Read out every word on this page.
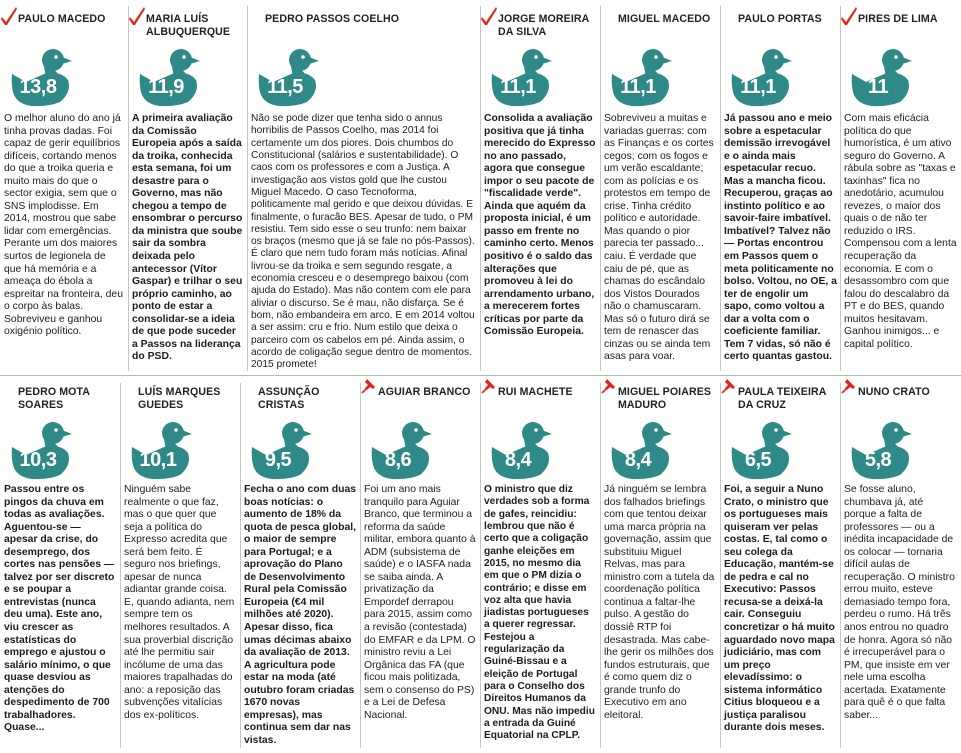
PAULO MACEDO
13,8
O melhor aluno do ano já tinha provas dadas. Foi capaz de gerir equilíbrios difíceis, cortando menos do que a troika queria e muito mais do que o sector exigia, sem que o SNS implodisse. Em 2014, mostrou que sabe lidar com emergências. Perante um dos maiores surtos de legionela de que há memória e a ameaça do ébola a espreitar na fronteira, deu o corpo às balas. Sobreviveu e ganhou oxigénio político.
MARIA LUÍS ALBUQUERQUE
11,9
A primeira avaliação da Comissão Europeia após a saída da troika, conhecida esta semana, foi um desastre para o Governo, mas não chegou a tempo de ensombrar o percurso da ministra que soube sair da sombra deixada pelo antecessor (Vítor Gaspar) e trilhar o seu próprio caminho, ao ponto de estar a consolidar-se a ideia de que pode suceder a Passos na liderança do PSD.
PEDRO PASSOS COELHO
11,5
Não se pode dizer que tenha sido o annus horribilis de Passos Coelho, mas 2014 foi certamente um dos piores. Dois chumbos do Constitucional (salários e sustentabilidade). O caos com os professores e com a Justiça. A investigação aos vistos gold que lhe custou Miguel Macedo. O caso Tecnoforma, politicamente mal gerido e que deixou dúvidas. E finalmente, o furacão BES. Apesar de tudo, o PM resistiu. Tem sido esse o seu trunfo: nem baixar os braços (mesmo que já se fale no pós-Passos). É claro que nem tudo foram más notícias. Afinal livrou-se da troika e sem segundo resgate, a economia cresceu e o desemprego baixou (com ajuda do Estado). Mas não contem com ele para aliviar o discurso. Se é mau, não disfarça. Se é bom, não embandeira em arco. E em 2014 voltou a ser assim: cru e frio. Num estilo que deixa o parceiro com os cabelos em pé. Ainda assim, o acordo de coligação segue dentro de momentos. 2015 promete!
JORGE MOREIRA DA SILVA
11,1
Consolida a avaliação positiva que já tinha merecido do Expresso no ano passado, agora que consegue impor o seu pacote de "fiscalidade verde". Ainda que aquém da proposta inicial, é um passo em frente no caminho certo. Menos positivo é o saldo das alterações que promoveu à lei do arrendamento urbano, a merecerem fortes críticas por parte da Comissão Europeia.
MIGUEL MACEDO
11,1
Sobreviveu a muitas e variadas guerras: com as Finanças e os cortes cegos; com os fogos e um verão escaldante; com as polícias e os protestos em tempo de crise. Tinha crédito político e autoridade. Mas quando o pior parecia ter passado... caiu. É verdade que caiu de pé, que as chamas do escândalo dos Vistos Dourados não o chamuscaram. Mas só o futuro dirá se tem de renascer das cinzas ou se ainda tem asas para voar.
PAULO PORTAS
11,1
Já passou ano e meio sobre a espetacular demissão irrevogável e o ainda mais espetacular recuo. Mas a mancha ficou. Recuperou, graças ao instinto político e ao savoir-faire imbatível. Imbatível? Talvez não — Portas encontrou em Passos quem o meta politicamente no bolso. Voltou, no OE, a ter de engolir um sapo, como voltou a dar a volta com o coeficiente familiar. Tem 7 vidas, só não é certo quantas gastou.
PIRES DE LIMA
11
Com mais eficácia política do que humorística, é um ativo seguro do Governo. A rábula sobre as "taxas e taxinhas" fica no anedotário, acumulou revezes, o maior dos quais o de não ter reduzido o IRS. Compensou com a lenta recuperação da economia. E com o desassombro com que falou do descalabro da PT e do BES, quando muitos hesitavam. Ganhou inimigos... e capital político.
PEDRO MOTA SOARES
10,3
Passou entre os pingos da chuva em todas as avaliações. Aguentou-se — apesar da crise, do desemprego, dos cortes nas pensões — talvez por ser discreto e se poupar a entrevistas (nunca deu uma). Este ano, viu crescer as estatísticas do emprego e ajustou o salário mínimo, o que quase desviou as atenções do despedimento de 700 trabalhadores. Quase...
LUÍS MARQUES GUEDES
10,1
Ninguém sabe realmente o que faz, mas o que quer que seja a política do Expresso acredita que será bem feito. É seguro nos briefings, apesar de nunca adiantar grande coisa. E, quando adianta, nem sempre tem os melhores resultados. A sua proverbial discrição até lhe permitiu sair incólume de uma das maiores trapalhadas do ano: a reposição das subvenções vitalícias dos ex-políticos.
ASSUNÇÃO CRISTAS
9,5
Fecha o ano com duas boas notícias: o aumento de 18% da quota de pesca global, o maior de sempre para Portugal; e a aprovação do Plano de Desenvolvimento Rural pela Comissão Europeia (€4 mil milhões até 2020). Apesar disso, fica umas décimas abaixo da avaliação de 2013. A agricultura pode estar na moda (até outubro foram criadas 1670 novas empresas), mas continua sem dar nas vistas.
AGUIAR BRANCO
8,6
Foi um ano mais tranquilo para Aguiar Branco, que terminou a reforma da saúde militar, embora quanto à ADM (subsistema de saúde) e o IASFA nada se saiba ainda. A privatização da Empordef derrapou para 2015, assim como a revisão (contestada) do EMFAR e da LPM. O ministro reviu a Lei Orgânica das FA (que ficou mais politizada, sem o consenso do PS) e a Lei de Defesa Nacional.
RUI MACHETE
8,4
O ministro que diz verdades sob a forma de gafes, reincidiu: lembrou que não é certo que a coligação ganhe eleições em 2015, no mesmo dia em que o PM dizia o contrário; e disse em voz alta que havia jiadistas portugueses a querer regressar. Festejou a regularização da Guiné-Bissau e a eleição de Portugal para o Conselho dos Direitos Humanos da ONU. Mas não impediu a entrada da Guiné Equatorial na CPLP.
MIGUEL POIARES MADURO
8,4
Já ninguém se lembra dos falhados briefings com que tentou deixar uma marca própria na governação, assim que substituiu Miguel Relvas, mas para ministro com a tutela da coordenação política continua a faltar-lhe pulso. A gestão do dossiê RTP foi desastrada. Mas cabe-lhe gerir os milhões dos fundos estruturais, que é como quem diz o grande trunfo do Executivo em ano eleitoral.
PAULA TEIXEIRA DA CRUZ
6,5
Foi, a seguir a Nuno Crato, o ministro que os portugueses mais quiseram ver pelas costas. E, tal como o seu colega da Educação, mantém-se de pedra e cal no Executivo: Passos recusa-se a deixá-la cair. Conseguiu concretizar o há muito aguardado novo mapa judiciário, mas com um preço elevadíssimo: o sistema informático Citius bloqueou e a justiça paralisou durante dois meses.
NUNO CRATO
5,8
Se fosse aluno, chumbava já, até porque a falta de professores — ou a inédita incapacidade de os colocar — tornaria difícil aulas de recuperação. O ministro errou muito, esteve demasiado tempo fora, perdeu o rumo. Há três anos entrou no quadro de honra. Agora só não é irrecuperável para o PM, que insiste em ver nele uma escolha acertada. Exatamente para quê é o que falta saber...
